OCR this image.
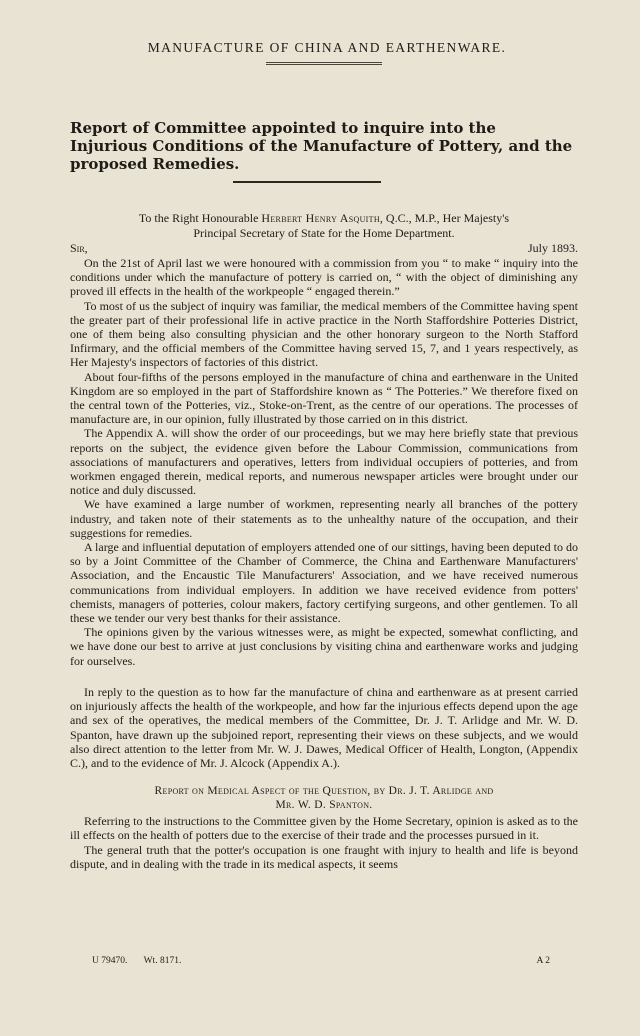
MANUFACTURE OF CHINA AND EARTHENWARE.
Report of Committee appointed to inquire into the Injurious Conditions of the Manufacture of Pottery, and the proposed Remedies.
To the Right Honourable Herbert Henry Asquith, Q.C., M.P., Her Majesty's
Principal Secretary of State for the Home Department.
Sir,	July 1893.

On the 21st of April last we were honoured with a commission from you “ to make “ inquiry into the conditions under which the manufacture of pottery is carried on, “ with the object of diminishing any proved ill effects in the health of the workpeople “ engaged therein.”

To most of us the subject of inquiry was familiar, the medical members of the Committee having spent the greater part of their professional life in active practice in the North Staffordshire Potteries District, one of them being also consulting physician and the other honorary surgeon to the North Stafford Infirmary, and the official members of the Committee having served 15, 7, and 1 years respectively, as Her Majesty's inspectors of factories of this district.

About four-fifths of the persons employed in the manufacture of china and earthenware in the United Kingdom are so employed in the part of Staffordshire known as “ The Potteries.” We therefore fixed on the central town of the Potteries, viz., Stoke-on-Trent, as the centre of our operations. The processes of manufacture are, in our opinion, fully illustrated by those carried on in this district.

The Appendix A. will show the order of our proceedings, but we may here briefly state that previous reports on the subject, the evidence given before the Labour Commission, communications from associations of manufacturers and operatives, letters from individual occupiers of potteries, and from workmen engaged therein, medical reports, and numerous newspaper articles were brought under our notice and duly discussed.

We have examined a large number of workmen, representing nearly all branches of the pottery industry, and taken note of their statements as to the unhealthy nature of the occupation, and their suggestions for remedies.

A large and influential deputation of employers attended one of our sittings, having been deputed to do so by a Joint Committee of the Chamber of Commerce, the China and Earthenware Manufacturers' Association, and the Encaustic Tile Manufacturers' Association, and we have received numerous communications from individual employers. In addition we have received evidence from potters' chemists, managers of potteries, colour makers, factory certifying surgeons, and other gentlemen. To all these we tender our very best thanks for their assistance.

The opinions given by the various witnesses were, as might be expected, somewhat conflicting, and we have done our best to arrive at just conclusions by visiting china and earthenware works and judging for ourselves.

In reply to the question as to how far the manufacture of china and earthenware as at present carried on injuriously affects the health of the workpeople, and how far the injurious effects depend upon the age and sex of the operatives, the medical members of the Committee, Dr. J. T. Arlidge and Mr. W. D. Spanton, have drawn up the subjoined report, representing their views on these subjects, and we would also direct attention to the letter from Mr. W. J. Dawes, Medical Officer of Health, Longton, (Appendix C.), and to the evidence of Mr. J. Alcock (Appendix A.).

Report on Medical Aspect of the Question, by Dr. J. T. Arlidge and
Mr. W. D. Spanton.

Referring to the instructions to the Committee given by the Home Secretary, opinion is asked as to the ill effects on the health of potters due to the exercise of their trade and the processes pursued in it.

The general truth that the potter's occupation is one fraught with injury to health and life is beyond dispute, and in dealing with the trade in its medical aspects, it seems

U 79470. Wt. 8171.	A 2
